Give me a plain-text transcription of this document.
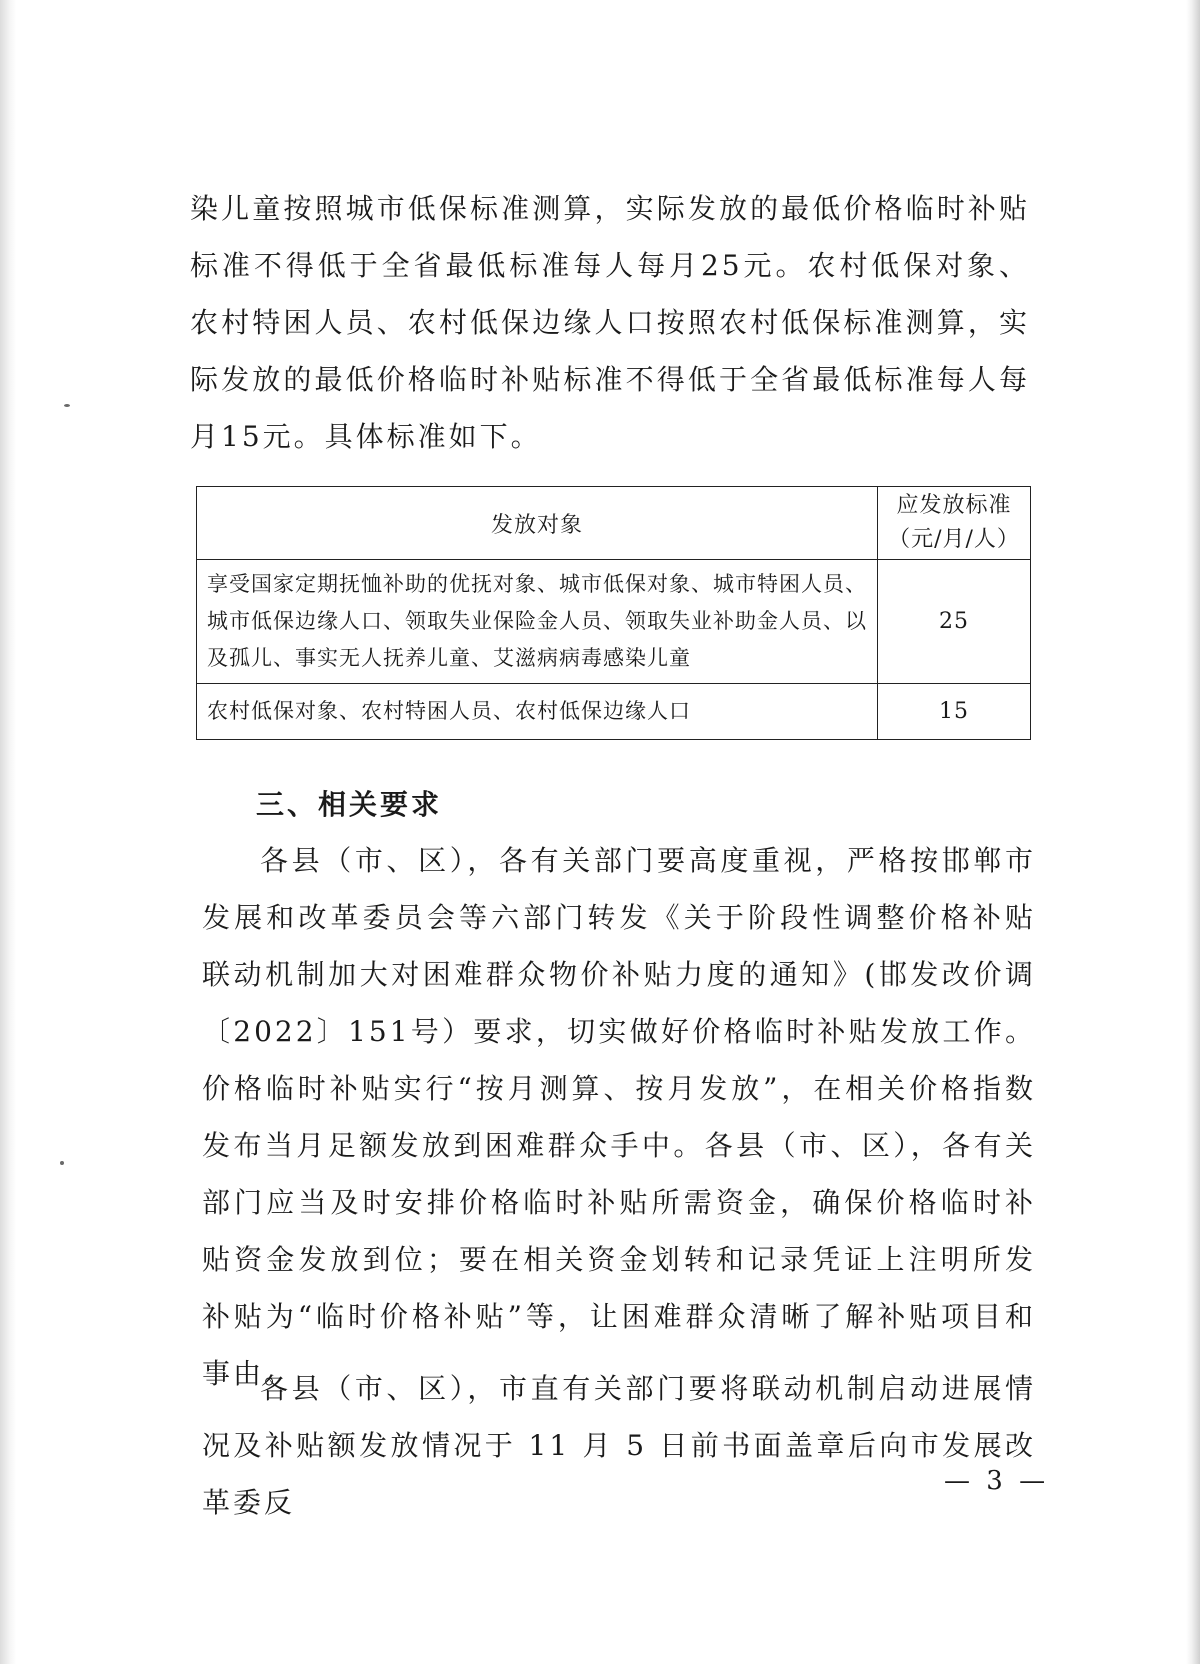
染儿童按照城市低保标准测算，实际发放的最低价格临时补贴标准不得低于全省最低标准每人每月25元。农村低保对象、农村特困人员、农村低保边缘人口按照农村低保标准测算，实际发放的最低价格临时补贴标准不得低于全省最低标准每人每月15元。具体标准如下。

发放对象	应发放标准
（元/月/人）

享受国家定期抚恤补助的优抚对象、城市低保对象、城市特困人员、城市低保边缘人口、领取失业保险金人员、领取失业补助金人员、以及孤儿、事实无人抚养儿童、艾滋病病毒感染儿童	25
农村低保对象、农村特困人员、农村低保边缘人口	15
三、相关要求

各县（市、区），各有关部门要高度重视，严格按邯郸市发展和改革委员会等六部门转发《关于阶段性调整价格补贴联动机制加大对困难群众物价补贴力度的通知》(邯发改价调〔2022〕151号）要求，切实做好价格临时补贴发放工作。价格临时补贴实行“按月测算、按月发放”，在相关价格指数发布当月足额发放到困难群众手中。各县（市、区），各有关部门应当及时安排价格临时补贴所需资金，确保价格临时补贴资金发放到位；要在相关资金划转和记录凭证上注明所发补贴为“临时价格补贴”等，让困难群众清晰了解补贴项目和事由。

各县（市、区），市直有关部门要将联动机制启动进展情况及补贴额发放情况于 11 月 5 日前书面盖章后向市发展改革委反

— 3 —
